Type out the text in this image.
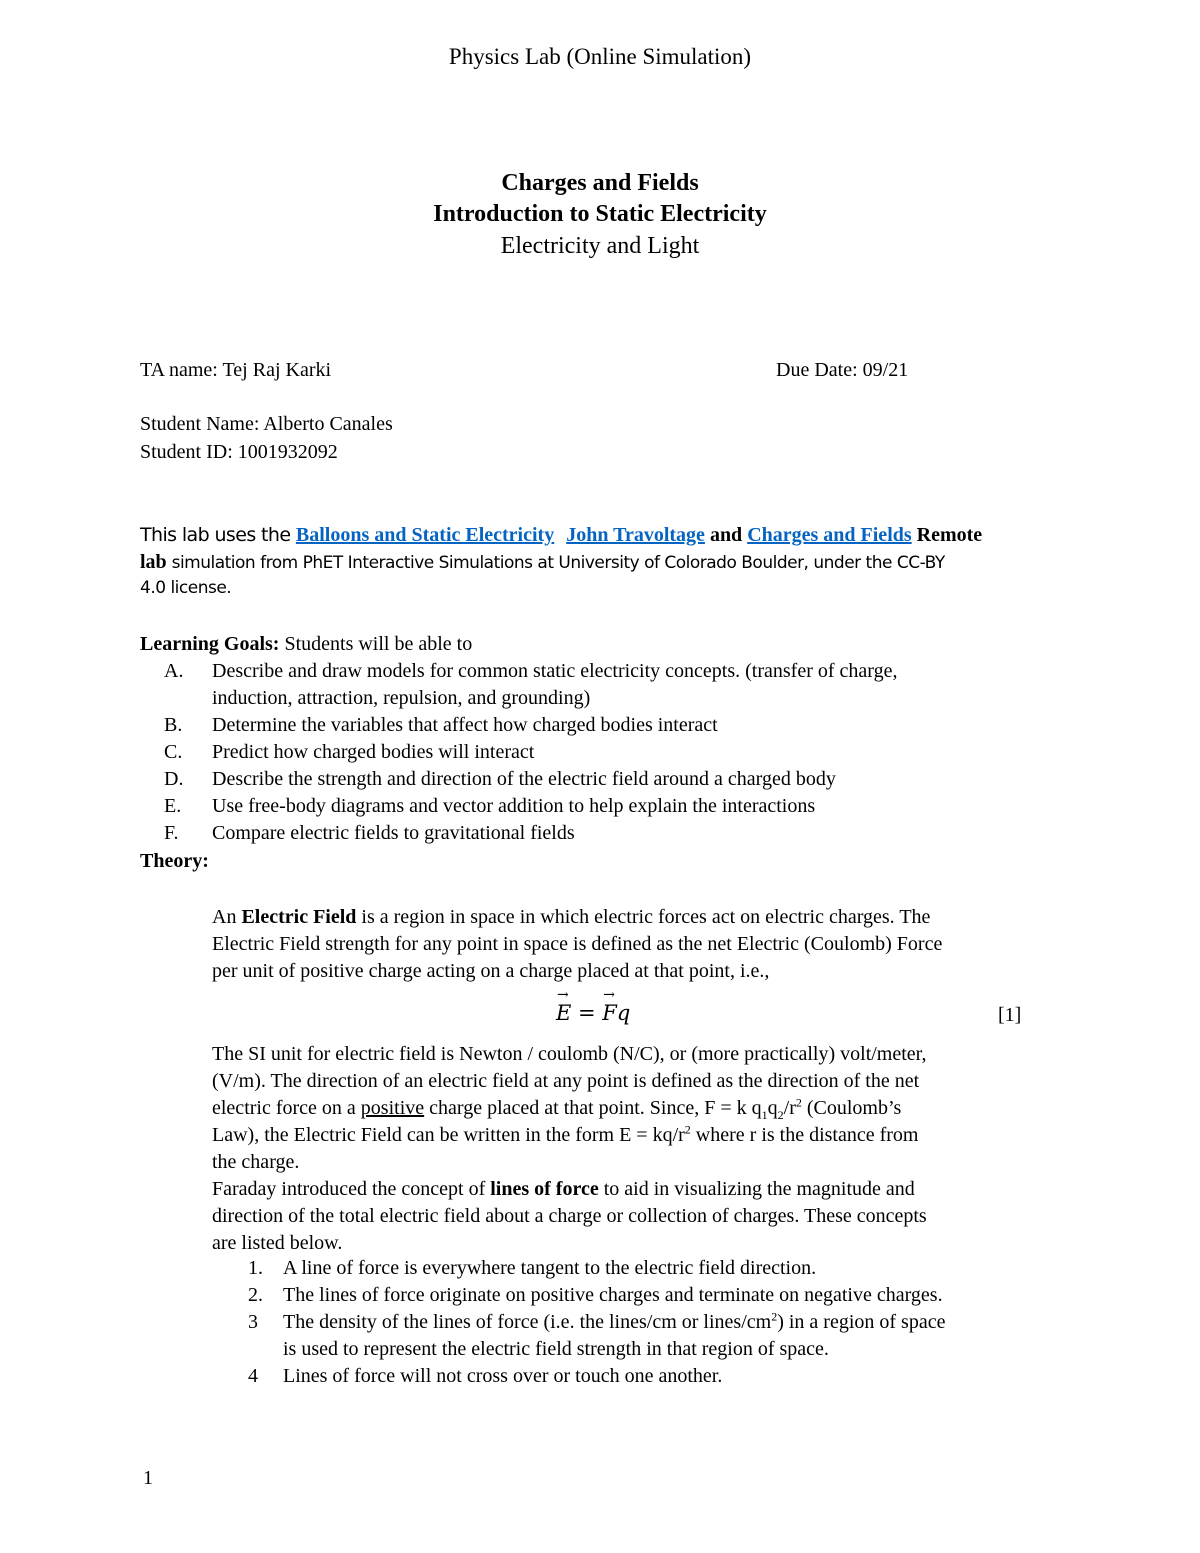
Physics Lab (Online Simulation)
Charges and Fields
Introduction to Static Electricity
Electricity and Light
TA name: Tej Raj Karki	Due Date: 09/21
Student Name: Alberto Canales
Student ID: 1001932092
This lab uses the Balloons and Static Electricity John Travoltage and Charges and Fields Remote
lab simulation from PhET Interactive Simulations at University of Colorado Boulder, under the CC-BY
4.0 license.
Learning Goals: Students will be able to
A. Describe and draw models for common static electricity concepts. (transfer of charge,
induction, attraction, repulsion, and grounding)
B. Determine the variables that affect how charged bodies interact
C. Predict how charged bodies will interact
D. Describe the strength and direction of the electric field around a charged body
E. Use free-body diagrams and vector addition to help explain the interactions
F. Compare electric fields to gravitational fields
Theory:
An Electric Field is a region in space in which electric forces act on electric charges. The
Electric Field strength for any point in space is defined as the net Electric (Coulomb) Force
per unit of positive charge acting on a charge placed at that point, i.e.,
→ E = → Fq	[1]
The SI unit for electric field is Newton / coulomb (N/C), or (more practically) volt/meter,
(V/m). The direction of an electric field at any point is defined as the direction of the net
electric force on a positive charge placed at that point. Since, F = k $q_1q_2/r^2$ (Coulomb’s
Law), the Electric Field can be written in the form $E = kq/r^2$ where r is the distance from
the charge.
Faraday introduced the concept of lines of force to aid in visualizing the magnitude and
direction of the total electric field about a charge or collection of charges. These concepts
are listed below.
1. A line of force is everywhere tangent to the electric field direction.
2. The lines of force originate on positive charges and terminate on negative charges.
3 The density of the lines of force (i.e. the lines/cm or lines/$cm^2$) in a region of space
is used to represent the electric field strength in that region of space.
4 Lines of force will not cross over or touch one another.
1
